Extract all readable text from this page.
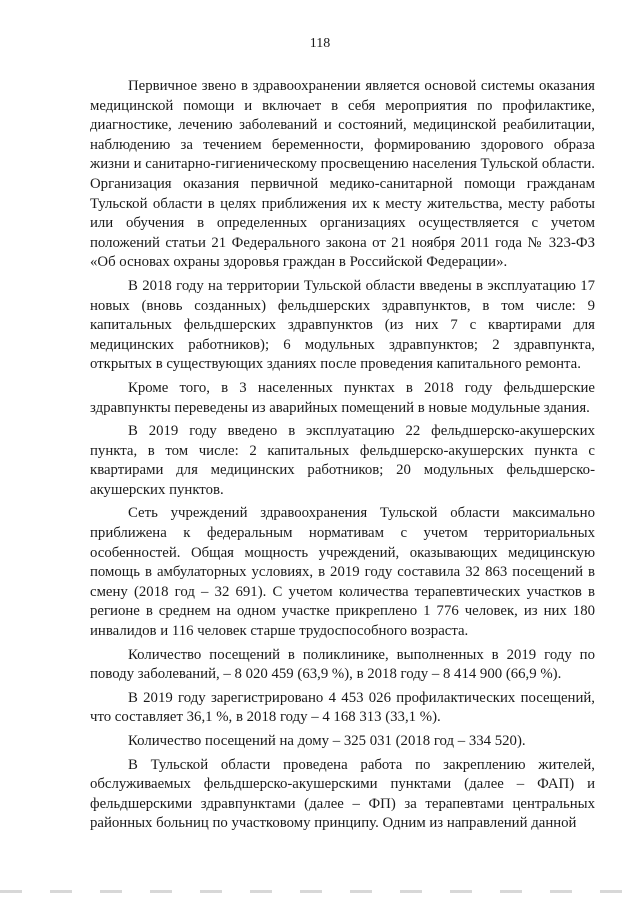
118

Первичное звено в здравоохранении является основой системы оказания медицинской помощи и включает в себя мероприятия по профилактике, диагностике, лечению заболеваний и состояний, медицинской реабилитации, наблюдению за течением беременности, формированию здорового образа жизни и санитарно-гигиеническому просвещению населения Тульской области. Организация оказания первичной медико-санитарной помощи гражданам Тульской области в целях приближения их к месту жительства, месту работы или обучения в определенных организациях осуществляется с учетом положений статьи 21 Федерального закона от 21 ноября 2011 года № 323-ФЗ «Об основах охраны здоровья граждан в Российской Федерации».

В 2018 году на территории Тульской области введены в эксплуатацию 17 новых (вновь созданных) фельдшерских здравпунктов, в том числе: 9 капитальных фельдшерских здравпунктов (из них 7 с квартирами для медицинских работников); 6 модульных здравпунктов; 2 здравпункта, открытых в существующих зданиях после проведения капитального ремонта.

Кроме того, в 3 населенных пунктах в 2018 году фельдшерские здравпункты переведены из аварийных помещений в новые модульные здания.

В 2019 году введено в эксплуатацию 22 фельдшерско-акушерских пункта, в том числе: 2 капитальных фельдшерско-акушерских пункта с квартирами для медицинских работников; 20 модульных фельдшерско-акушерских пунктов.

Сеть учреждений здравоохранения Тульской области максимально приближена к федеральным нормативам с учетом территориальных особенностей. Общая мощность учреждений, оказывающих медицинскую помощь в амбулаторных условиях, в 2019 году составила 32 863 посещений в смену (2018 год – 32 691). С учетом количества терапевтических участков в регионе в среднем на одном участке прикреплено 1 776 человек, из них 180 инвалидов и 116 человек старше трудоспособного возраста.

Количество посещений в поликлинике, выполненных в 2019 году по поводу заболеваний, – 8 020 459 (63,9 %), в 2018 году – 8 414 900 (66,9 %).

В 2019 году зарегистрировано 4 453 026 профилактических посещений, что составляет 36,1 %, в 2018 году – 4 168 313 (33,1 %).

Количество посещений на дому – 325 031 (2018 год – 334 520).

В Тульской области проведена работа по закреплению жителей, обслуживаемых фельдшерско-акушерскими пунктами (далее – ФАП) и фельдшерскими здравпунктами (далее – ФП) за терапевтами центральных районных больниц по участковому принципу. Одним из направлений данной
